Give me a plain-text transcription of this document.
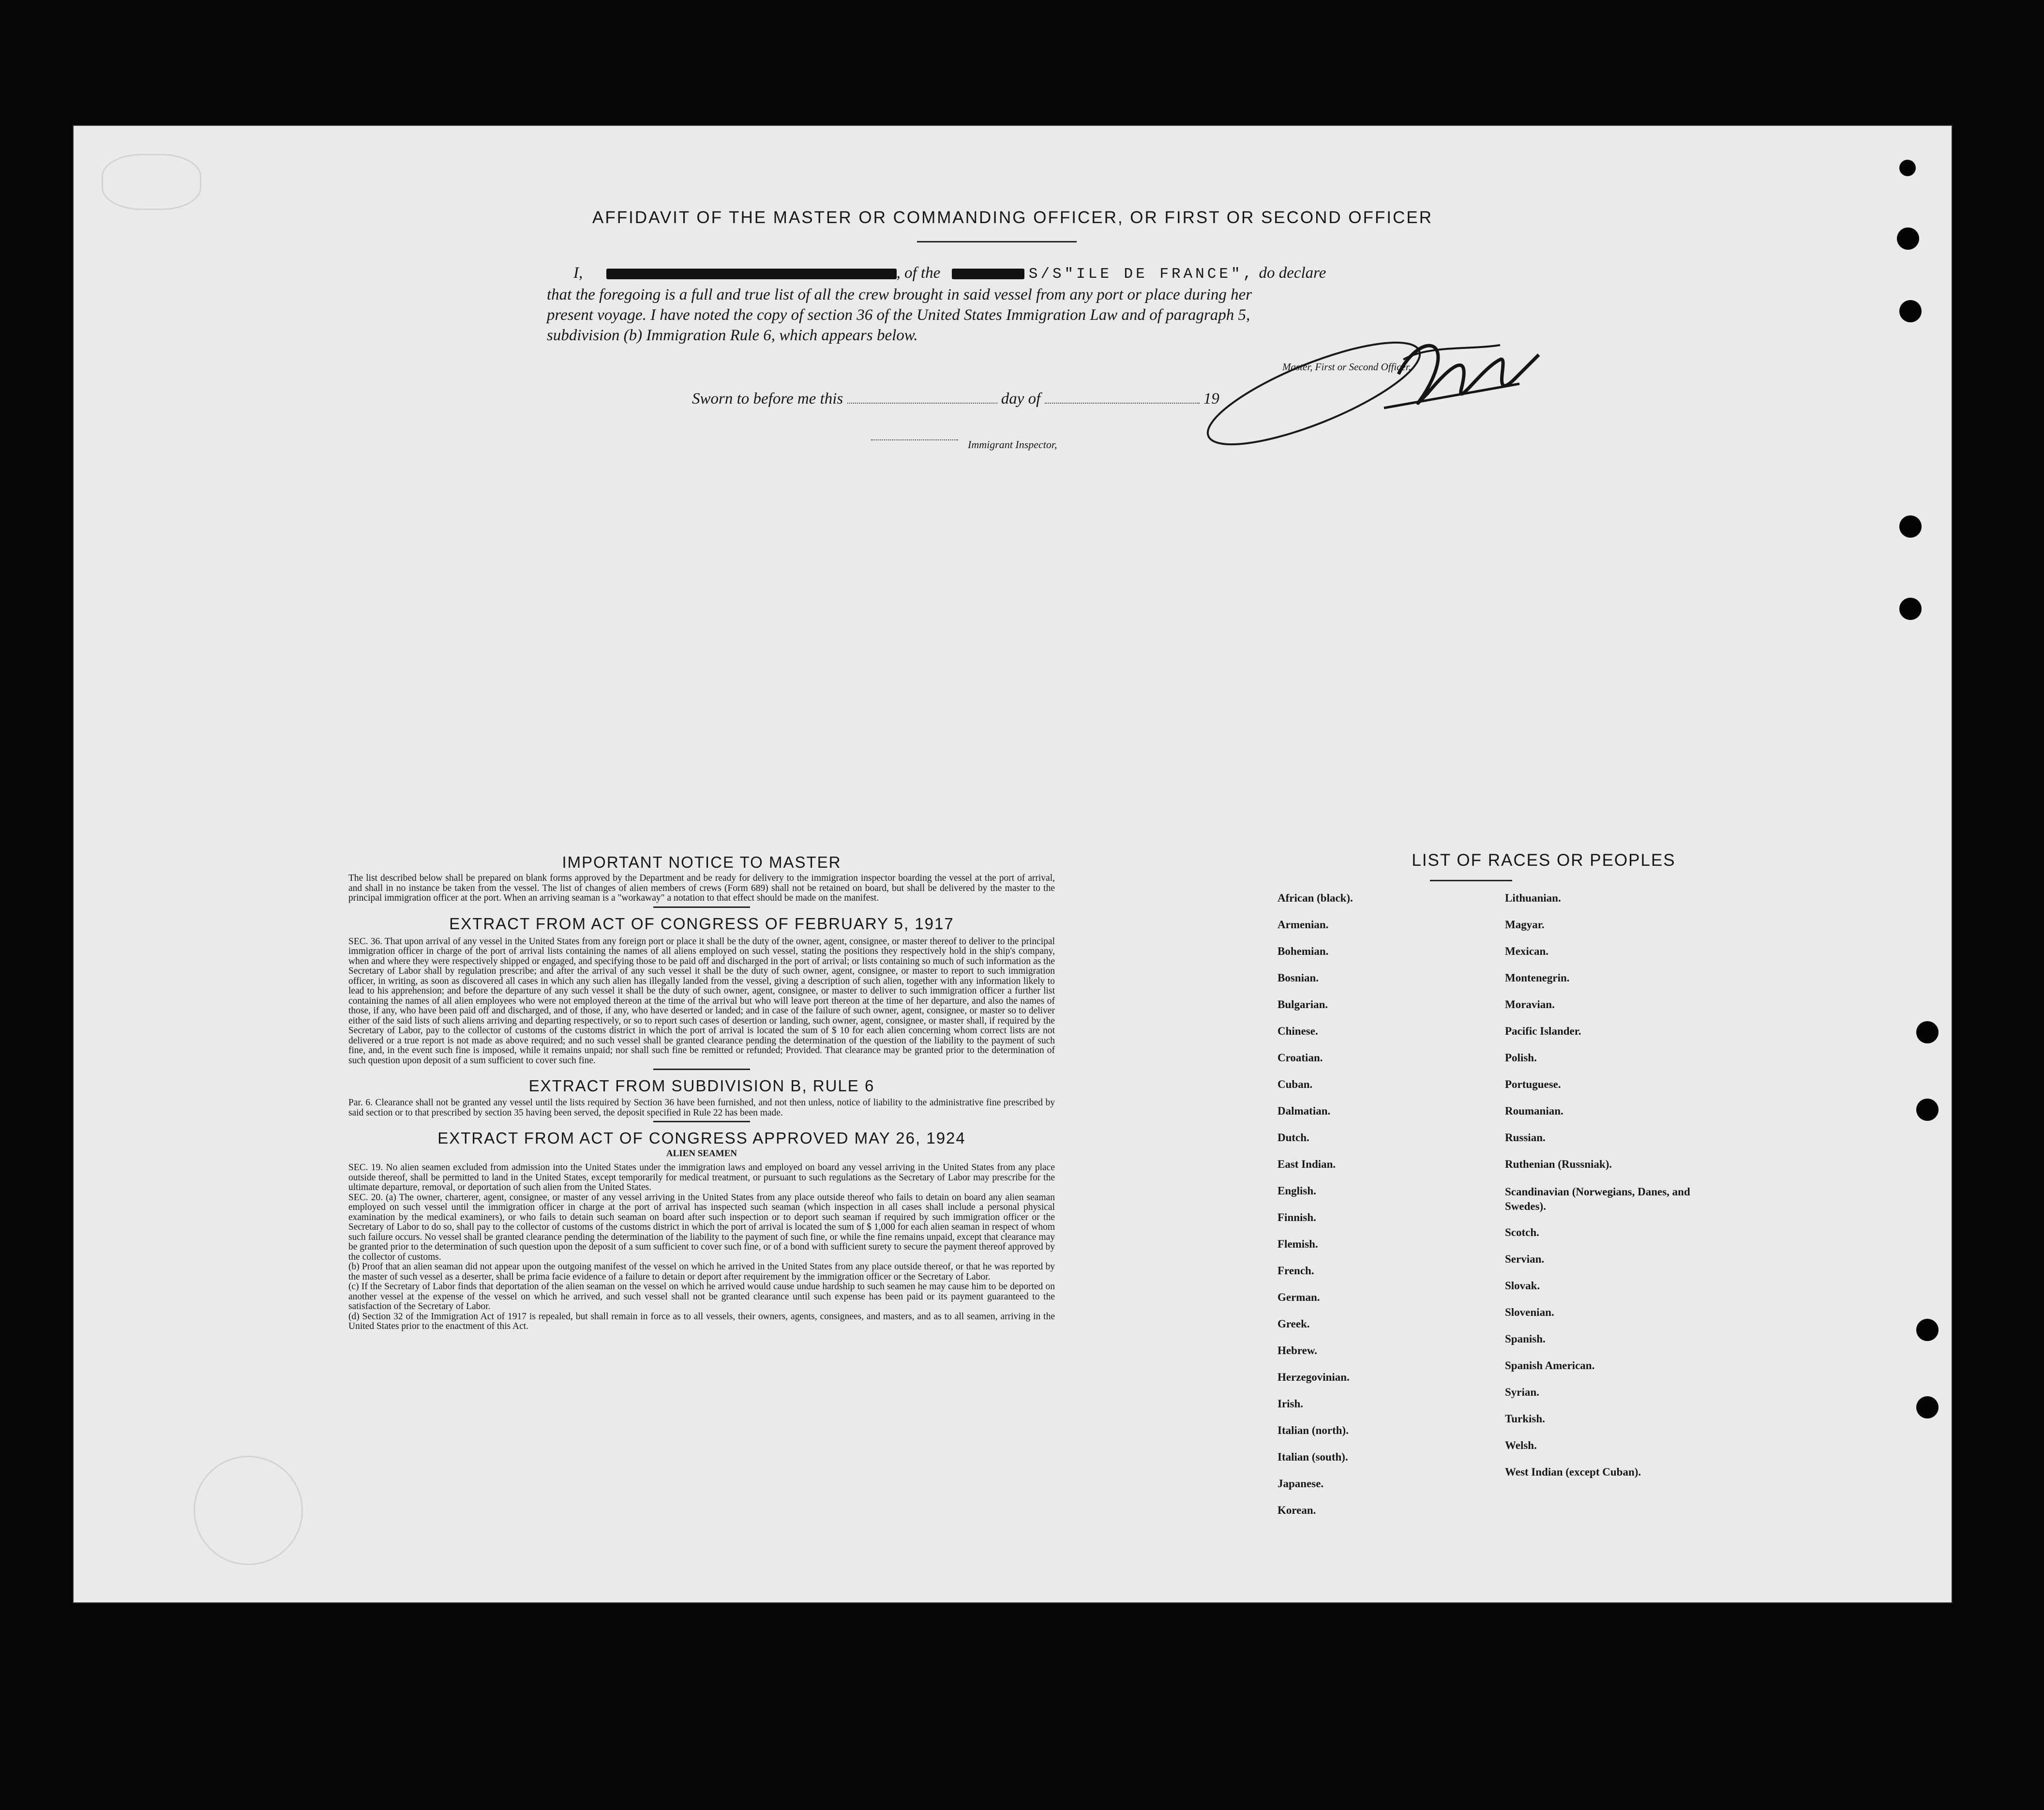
AFFIDAVIT OF THE MASTER OR COMMANDING OFFICER, OR FIRST OR SECOND OFFICER
I,	, of the	S/S"ILE DE FRANCE", do declare
that the foregoing is a full and true list of all the crew brought in said vessel from any port or place during her
present voyage. I have noted the copy of section 36 of the United States Immigration Law and of paragraph 5,
subdivision (b) Immigration Rule 6, which appears below.
Master, First or Second Officer.
Sworn to before me this	day of	19
Immigrant Inspector,

IMPORTANT NOTICE TO MASTER

The list described below shall be prepared on blank forms approved by the Department and be ready for delivery to the immigration inspector boarding the vessel at the port of arrival, and shall in no instance be taken from the vessel. The list of changes of alien members of crews (Form 689) shall not be retained on board, but shall be delivered by the master to the principal immigration officer at the port. When an arriving seaman is a "workaway" a notation to that effect should be made on the manifest.

EXTRACT FROM ACT OF CONGRESS OF FEBRUARY 5, 1917

SEC. 36. That upon arrival of any vessel in the United States from any foreign port or place it shall be the duty of the owner, agent, consignee, or master thereof to deliver to the principal immigration officer in charge of the port of arrival lists containing the names of all aliens employed on such vessel, stating the positions they respectively hold in the ship's company, when and where they were respectively shipped or engaged, and specifying those to be paid off and discharged in the port of arrival; or lists containing so much of such information as the Secretary of Labor shall by regulation prescribe; and after the arrival of any such vessel it shall be the duty of such owner, agent, consignee, or master to report to such immigration officer, in writing, as soon as discovered all cases in which any such alien has illegally landed from the vessel, giving a description of such alien, together with any information likely to lead to his apprehension; and before the departure of any such vessel it shall be the duty of such owner, agent, consignee, or master to deliver to such immigration officer a further list containing the names of all alien employees who were not employed thereon at the time of the arrival but who will leave port thereon at the time of her departure, and also the names of those, if any, who have been paid off and discharged, and of those, if any, who have deserted or landed; and in case of the failure of such owner, agent, consignee, or master so to deliver either of the said lists of such aliens arriving and departing respectively, or so to report such cases of desertion or landing, such owner, agent, consignee, or master shall, if required by the Secretary of Labor, pay to the collector of customs of the customs district in which the port of arrival is located the sum of $ 10 for each alien concerning whom correct lists are not delivered or a true report is not made as above required; and no such vessel shall be granted clearance pending the determination of the question of the liability to the payment of such fine, and, in the event such fine is imposed, while it remains unpaid; nor shall such fine be remitted or refunded; Provided. That clearance may be granted prior to the determination of such question upon deposit of a sum sufficient to cover such fine.

EXTRACT FROM SUBDIVISION B, RULE 6

Par. 6. Clearance shall not be granted any vessel until the lists required by Section 36 have been furnished, and not then unless, notice of liability to the administrative fine prescribed by said section or to that prescribed by section 35 having been served, the deposit specified in Rule 22 has been made.

EXTRACT FROM ACT OF CONGRESS APPROVED MAY 26, 1924

ALIEN SEAMEN

SEC. 19. No alien seamen excluded from admission into the United States under the immigration laws and employed on board any vessel arriving in the United States from any place outside thereof, shall be permitted to land in the United States, except temporarily for medical treatment, or pursuant to such regulations as the Secretary of Labor may prescribe for the ultimate departure, removal, or deportation of such alien from the United States.

SEC. 20. (a) The owner, charterer, agent, consignee, or master of any vessel arriving in the United States from any place outside thereof who fails to detain on board any alien seaman employed on such vessel until the immigration officer in charge at the port of arrival has inspected such seaman (which inspection in all cases shall include a personal physical examination by the medical examiners), or who fails to detain such seaman on board after such inspection or to deport such seaman if required by such immigration officer or the Secretary of Labor to do so, shall pay to the collector of customs of the customs district in which the port of arrival is located the sum of $ 1,000 for each alien seaman in respect of whom such failure occurs. No vessel shall be granted clearance pending the determination of the liability to the payment of such fine, or while the fine remains unpaid, except that clearance may be granted prior to the determination of such question upon the deposit of a sum sufficient to cover such fine, or of a bond with sufficient surety to secure the payment thereof approved by the collector of customs.

(b) Proof that an alien seaman did not appear upon the outgoing manifest of the vessel on which he arrived in the United States from any place outside thereof, or that he was reported by the master of such vessel as a deserter, shall be prima facie evidence of a failure to detain or deport after requirement by the immigration officer or the Secretary of Labor.

(c) If the Secretary of Labor finds that deportation of the alien seaman on the vessel on which he arrived would cause undue hardship to such seamen he may cause him to be deported on another vessel at the expense of the vessel on which he arrived, and such vessel shall not be granted clearance until such expense has been paid or its payment guaranteed to the satisfaction of the Secretary of Labor.

(d) Section 32 of the Immigration Act of 1917 is repealed, but shall remain in force as to all vessels, their owners, agents, consignees, and masters, and as to all seamen, arriving in the United States prior to the enactment of this Act.

LIST OF RACES OR PEOPLES
African (black).
Armenian.
Bohemian.
Bosnian.
Bulgarian.
Chinese.
Croatian.
Cuban.
Dalmatian.
Dutch.
East Indian.
English.
Finnish.
Flemish.
French.
German.
Greek.
Hebrew.
Herzegovinian.
Irish.
Italian (north).
Italian (south).
Japanese.
Korean.
Lithuanian.
Magyar.
Mexican.
Montenegrin.
Moravian.
Pacific Islander.
Polish.
Portuguese.
Roumanian.
Russian.
Ruthenian (Russniak).
Scandinavian (Norwegians, Danes, and Swedes).
Scotch.
Servian.
Slovak.
Slovenian.
Spanish.
Spanish American.
Syrian.
Turkish.
Welsh.
West Indian (except Cuban).
